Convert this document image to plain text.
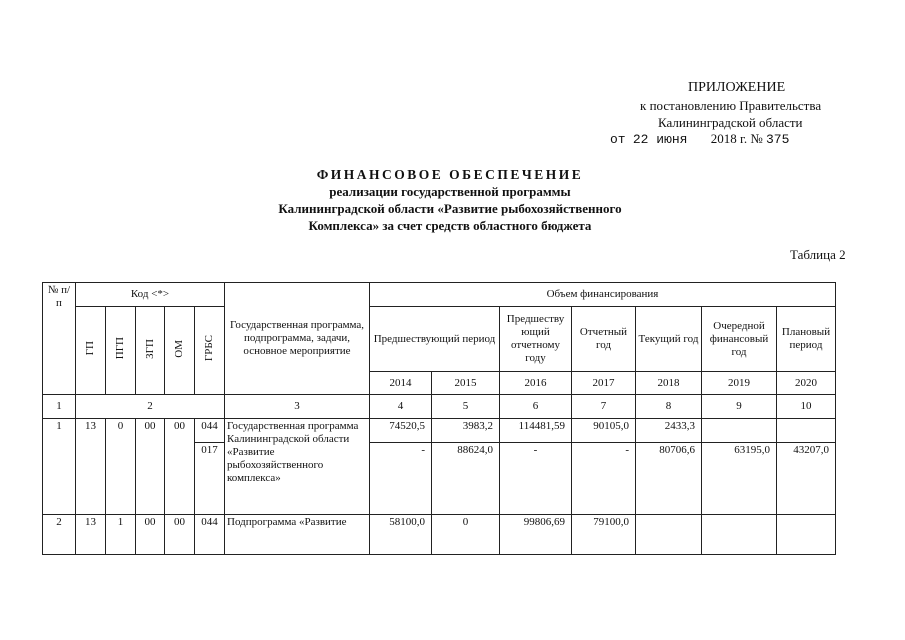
ПРИЛОЖЕНИЕ
к постановлению Правительства
Калининградской области
от 22 июня 2018 г. № 375
ФИНАНСОВОЕ ОБЕСПЕЧЕНИЕ
реализации государственной программы
Калининградской области «Развитие рыбохозяйственного
Комплекса» за счет средств областного бюджета
Таблица 2
№ п/п	Код <*>					Государственная программа, подпрограмма, задачи, основное мероприятие	Объем финансирования						
	ГП	ПГП	ЗГП	ОМ	ГРБС		Предшествующий период		Предшеству ющий отчетному году	Отчетный год	Текущий год	Очередной финансовый год	Плановый период
							2014	2015	2016	2017	2018	2019	2020
1	2					3	4	5	6	7	8	9	10
1	13	0	00	00	044	Государственная программа Калининградской области «Развитие рыбохозяйственного комплекса»	74520,5	3983,2	114481,59	90105,0	2433,3		
					017		-	88624,0	-	-	80706,6	63195,0	43207,0
2	13	1	00	00	044	Подпрограмма «Развитие	58100,0	0	99806,69	79100,0			
